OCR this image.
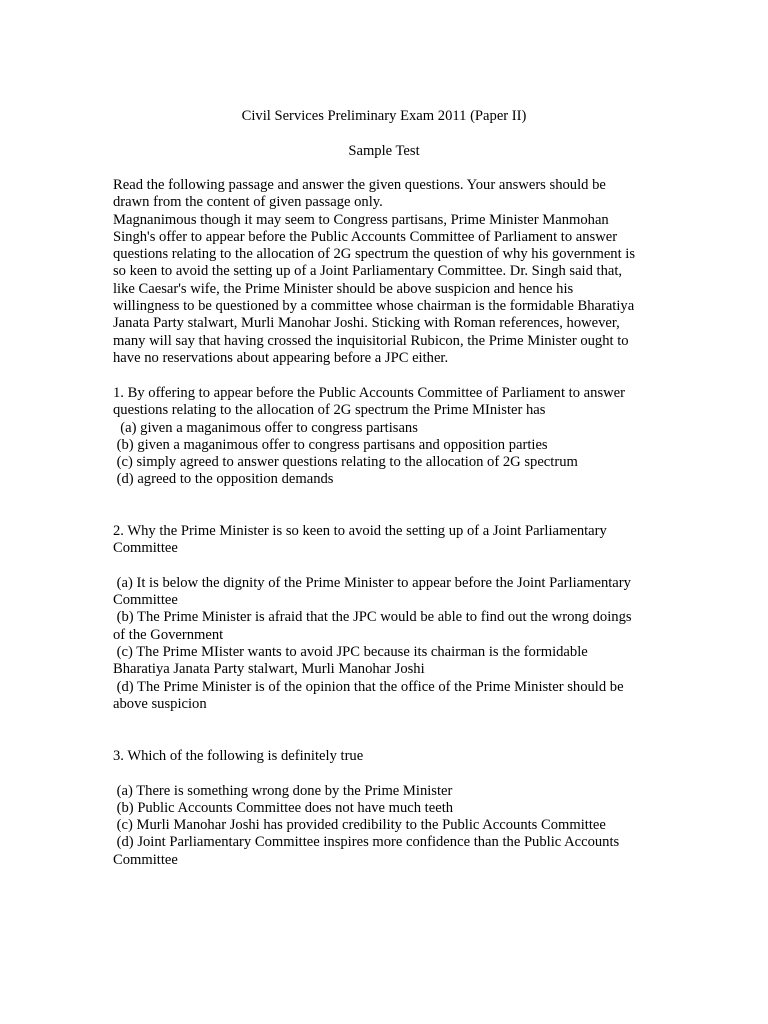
Civil Services Preliminary Exam 2011 (Paper II)
Sample Test
Read the following passage and answer the given questions. Your answers should be
drawn from the content of given passage only.
Magnanimous though it may seem to Congress partisans, Prime Minister Manmohan
Singh's offer to appear before the Public Accounts Committee of Parliament to answer
questions relating to the allocation of 2G spectrum the question of why his government is
so keen to avoid the setting up of a Joint Parliamentary Committee. Dr. Singh said that,
like Caesar's wife, the Prime Minister should be above suspicion and hence his
willingness to be questioned by a committee whose chairman is the formidable Bharatiya
Janata Party stalwart, Murli Manohar Joshi. Sticking with Roman references, however,
many will say that having crossed the inquisitorial Rubicon, the Prime Minister ought to
have no reservations about appearing before a JPC either.
1. By offering to appear before the Public Accounts Committee of Parliament to answer
questions relating to the allocation of 2G spectrum the Prime MInister has
(a) given a maganimous offer to congress partisans
(b) given a maganimous offer to congress partisans and opposition parties
(c) simply agreed to answer questions relating to the allocation of 2G spectrum
(d) agreed to the opposition demands
2. Why the Prime Minister is so keen to avoid the setting up of a Joint Parliamentary
Committee
(a) It is below the dignity of the Prime Minister to appear before the Joint Parliamentary
Committee
(b) The Prime Minister is afraid that the JPC would be able to find out the wrong doings
of the Government
(c) The Prime MIister wants to avoid JPC because its chairman is the formidable
Bharatiya Janata Party stalwart, Murli Manohar Joshi
(d) The Prime Minister is of the opinion that the office of the Prime Minister should be
above suspicion
3. Which of the following is definitely true
(a) There is something wrong done by the Prime Minister
(b) Public Accounts Committee does not have much teeth
(c) Murli Manohar Joshi has provided credibility to the Public Accounts Committee
(d) Joint Parliamentary Committee inspires more confidence than the Public Accounts
Committee
